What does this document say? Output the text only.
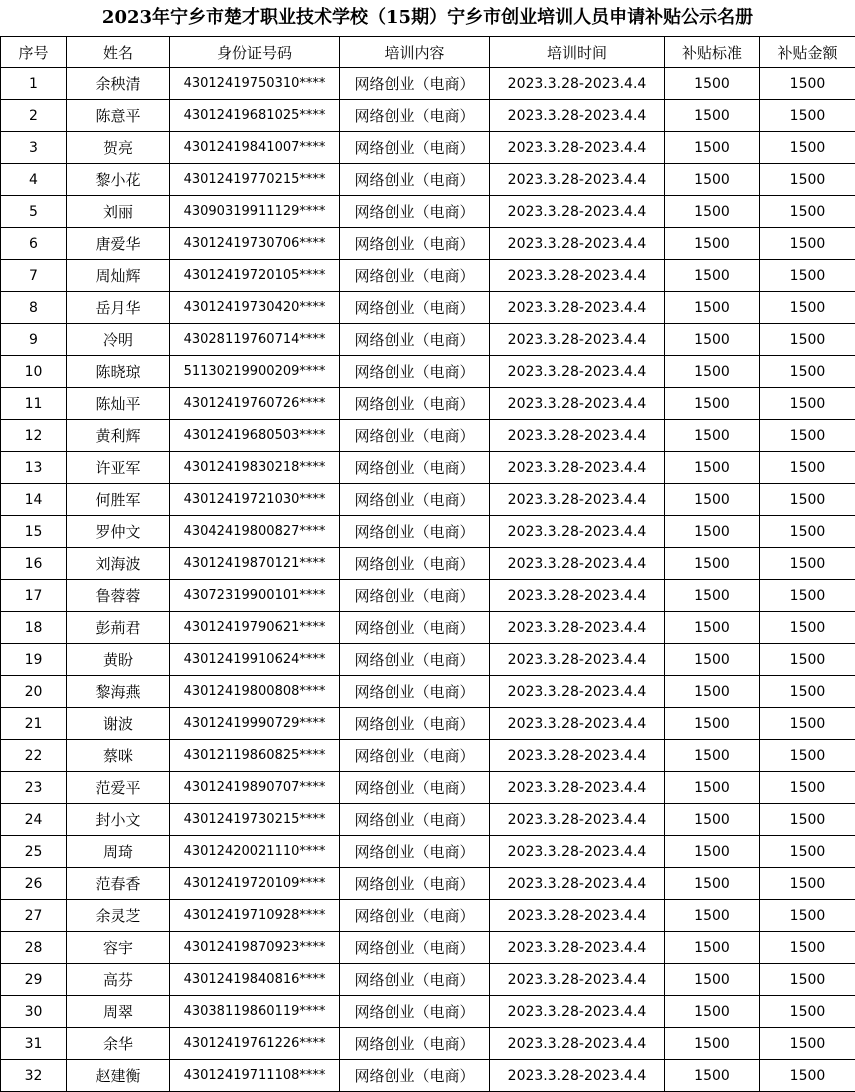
2023年宁乡市楚才职业技术学校（15期）宁乡市创业培训人员申请补贴公示名册
序号	姓名	身份证号码	培训内容	培训时间	补贴标准	补贴金额
1	余秧清	43012419750310****	网络创业（电商）	2023.3.28-2023.4.4	1500	1500
2	陈意平	43012419681025****	网络创业（电商）	2023.3.28-2023.4.4	1500	1500
3	贺亮	43012419841007****	网络创业（电商）	2023.3.28-2023.4.4	1500	1500
4	黎小花	43012419770215****	网络创业（电商）	2023.3.28-2023.4.4	1500	1500
5	刘丽	43090319911129****	网络创业（电商）	2023.3.28-2023.4.4	1500	1500
6	唐爱华	43012419730706****	网络创业（电商）	2023.3.28-2023.4.4	1500	1500
7	周灿辉	43012419720105****	网络创业（电商）	2023.3.28-2023.4.4	1500	1500
8	岳月华	43012419730420****	网络创业（电商）	2023.3.28-2023.4.4	1500	1500
9	冷明	43028119760714****	网络创业（电商）	2023.3.28-2023.4.4	1500	1500
10	陈晓琼	51130219900209****	网络创业（电商）	2023.3.28-2023.4.4	1500	1500
11	陈灿平	43012419760726****	网络创业（电商）	2023.3.28-2023.4.4	1500	1500
12	黄利辉	43012419680503****	网络创业（电商）	2023.3.28-2023.4.4	1500	1500
13	许亚军	43012419830218****	网络创业（电商）	2023.3.28-2023.4.4	1500	1500
14	何胜军	43012419721030****	网络创业（电商）	2023.3.28-2023.4.4	1500	1500
15	罗仲文	43042419800827****	网络创业（电商）	2023.3.28-2023.4.4	1500	1500
16	刘海波	43012419870121****	网络创业（电商）	2023.3.28-2023.4.4	1500	1500
17	鲁蓉蓉	43072319900101****	网络创业（电商）	2023.3.28-2023.4.4	1500	1500
18	彭荊君	43012419790621****	网络创业（电商）	2023.3.28-2023.4.4	1500	1500
19	黄盼	43012419910624****	网络创业（电商）	2023.3.28-2023.4.4	1500	1500
20	黎海燕	43012419800808****	网络创业（电商）	2023.3.28-2023.4.4	1500	1500
21	谢波	43012419990729****	网络创业（电商）	2023.3.28-2023.4.4	1500	1500
22	蔡咪	43012119860825****	网络创业（电商）	2023.3.28-2023.4.4	1500	1500
23	范爱平	43012419890707****	网络创业（电商）	2023.3.28-2023.4.4	1500	1500
24	封小文	43012419730215****	网络创业（电商）	2023.3.28-2023.4.4	1500	1500
25	周琦	43012420021110****	网络创业（电商）	2023.3.28-2023.4.4	1500	1500
26	范春香	43012419720109****	网络创业（电商）	2023.3.28-2023.4.4	1500	1500
27	余灵芝	43012419710928****	网络创业（电商）	2023.3.28-2023.4.4	1500	1500
28	容宇	43012419870923****	网络创业（电商）	2023.3.28-2023.4.4	1500	1500
29	高芬	43012419840816****	网络创业（电商）	2023.3.28-2023.4.4	1500	1500
30	周翠	43038119860119****	网络创业（电商）	2023.3.28-2023.4.4	1500	1500
31	余华	43012419761226****	网络创业（电商）	2023.3.28-2023.4.4	1500	1500
32	赵建衡	43012419711108****	网络创业（电商）	2023.3.28-2023.4.4	1500	1500
